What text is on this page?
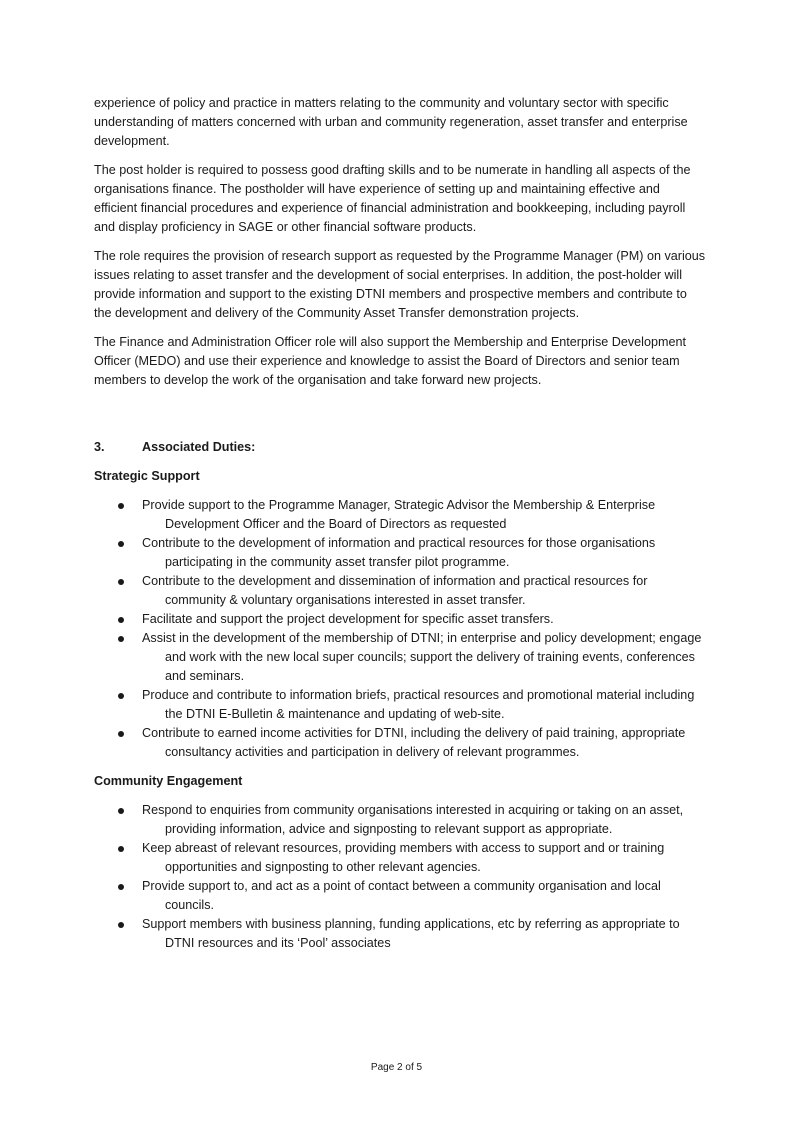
experience of policy and practice in matters relating to the community and voluntary sector with specific understanding of matters concerned with urban and community regeneration, asset transfer and enterprise development.

The post holder is required to possess good drafting skills and to be numerate in handling all aspects of the organisations finance. The postholder will have experience of setting up and maintaining effective and efficient financial procedures and experience of financial administration and bookkeeping, including payroll and display proficiency in SAGE or other financial software products.

The role requires the provision of research support as requested by the Programme Manager (PM) on various issues relating to asset transfer and the development of social enterprises. In addition, the post-holder will provide information and support to the existing DTNI members and prospective members and contribute to the development and delivery of the Community Asset Transfer demonstration projects.

The Finance and Administration Officer role will also support the Membership and Enterprise Development Officer (MEDO) and use their experience and knowledge to assist the Board of Directors and senior team members to develop the work of the organisation and take forward new projects.

3.	Associated Duties:
Strategic Support
Provide support to the Programme Manager, Strategic Advisor the Membership & Enterprise Development Officer and the Board of Directors as requested
Contribute to the development of information and practical resources for those organisations participating in the community asset transfer pilot programme.
Contribute to the development and dissemination of information and practical resources for community & voluntary organisations interested in asset transfer.
Facilitate and support the project development for specific asset transfers.
Assist in the development of the membership of DTNI; in enterprise and policy development; engage and work with the new local super councils; support the delivery of training events, conferences and seminars.
Produce and contribute to information briefs, practical resources and promotional material including the DTNI E-Bulletin & maintenance and updating of web-site.
Contribute to earned income activities for DTNI, including the delivery of paid training, appropriate consultancy activities and participation in delivery of relevant programmes.
Community Engagement
Respond to enquiries from community organisations interested in acquiring or taking on an asset, providing information, advice and signposting to relevant support as appropriate.
Keep abreast of relevant resources, providing members with access to support and or training opportunities and signposting to other relevant agencies.
Provide support to, and act as a point of contact between a community organisation and local councils.
Support members with business planning, funding applications, etc by referring as appropriate to DTNI resources and its ‘Pool’ associates
Page 2 of 5
